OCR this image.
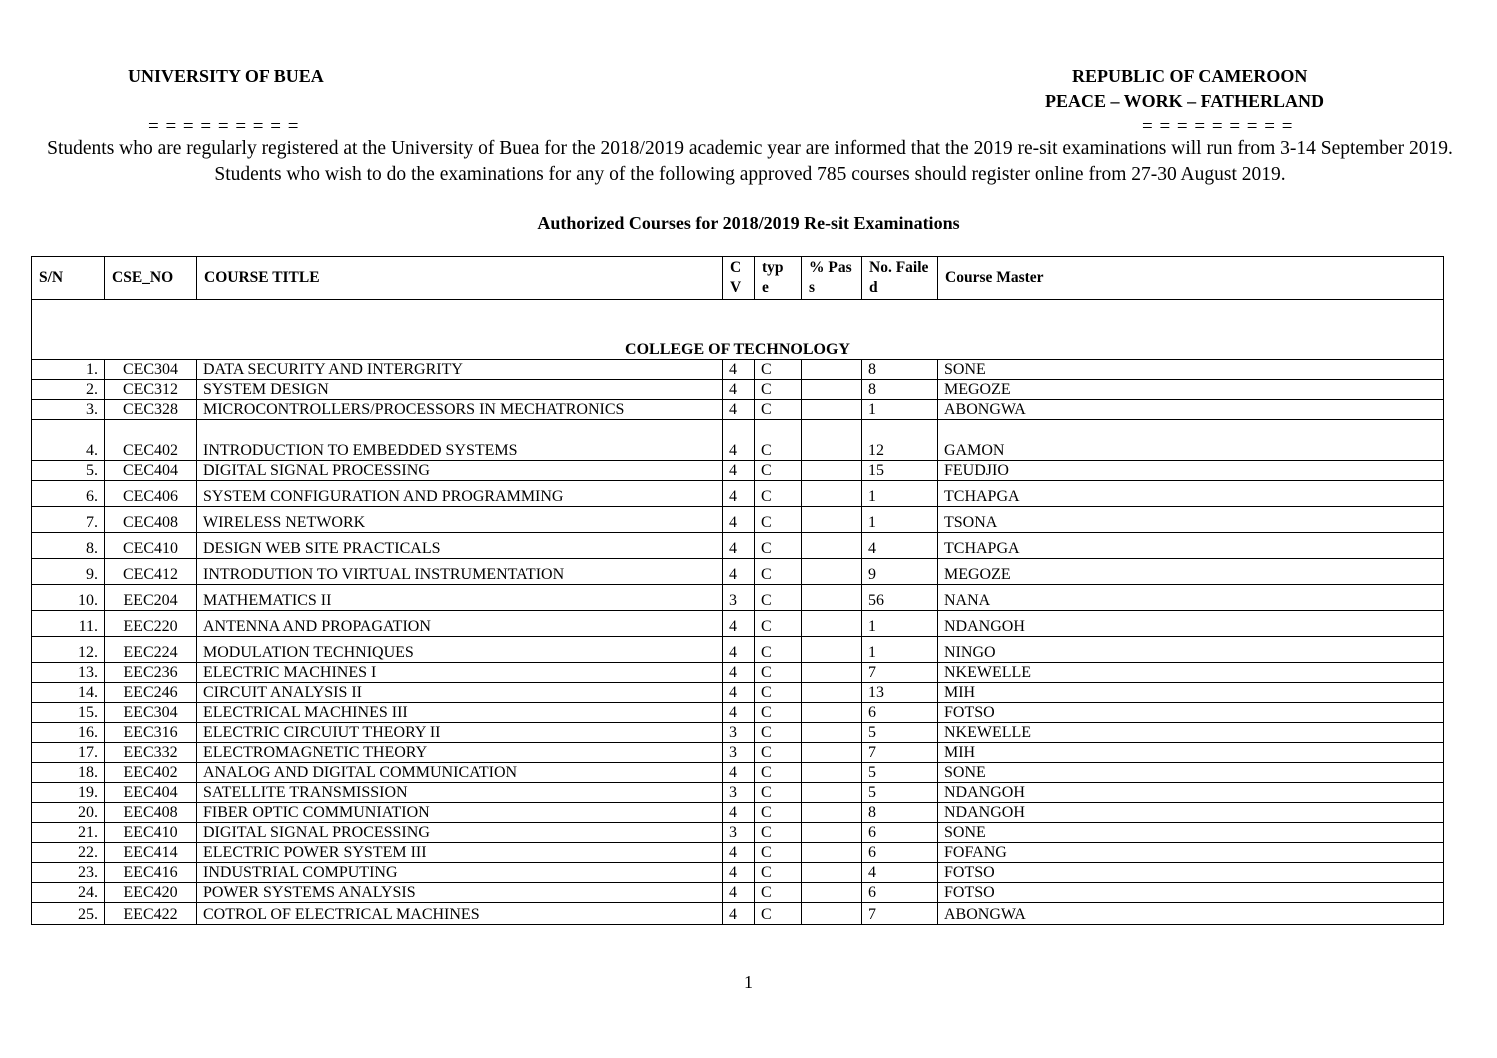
UNIVERSITY OF BUEA
= = = = = = = = =
REPUBLIC OF CAMEROON
PEACE – WORK – FATHERLAND
= = = = = = = = =
Students who are regularly registered at the University of Buea for the 2018/2019 academic year are informed that the 2019 re-sit examinations will run from 3-14 September 2019. Students who wish to do the examinations for any of the following approved 785 courses should register online from 27-30 August 2019.
Authorized Courses for 2018/2019 Re-sit Examinations
S/N	CSE_NO	COURSE TITLE	C V	typ e	% Pass	No. Failed	Course Master
COLLEGE OF TECHNOLOGY							
1.	CEC304	DATA SECURITY AND INTERGRITY	4	C		8	SONE
2.	CEC312	SYSTEM DESIGN	4	C		8	MEGOZE
3.	CEC328	MICROCONTROLLERS/PROCESSORS IN MECHATRONICS	4	C		1	ABONGWA
4.	CEC402	INTRODUCTION TO EMBEDDED SYSTEMS	4	C		12	GAMON
5.	CEC404	DIGITAL SIGNAL PROCESSING	4	C		15	FEUDJIO
6.	CEC406	SYSTEM CONFIGURATION AND PROGRAMMING	4	C		1	TCHAPGA
7.	CEC408	WIRELESS NETWORK	4	C		1	TSONA
8.	CEC410	DESIGN WEB SITE PRACTICALS	4	C		4	TCHAPGA
9.	CEC412	INTRODUTION TO VIRTUAL INSTRUMENTATION	4	C		9	MEGOZE
10.	EEC204	MATHEMATICS II	3	C		56	NANA
11.	EEC220	ANTENNA AND PROPAGATION	4	C		1	NDANGOH
12.	EEC224	MODULATION TECHNIQUES	4	C		1	NINGO
13.	EEC236	ELECTRIC MACHINES I	4	C		7	NKEWELLE
14.	EEC246	CIRCUIT ANALYSIS II	4	C		13	MIH
15.	EEC304	ELECTRICAL MACHINES III	4	C		6	FOTSO
16.	EEC316	ELECTRIC CIRCUIUT THEORY II	3	C		5	NKEWELLE
17.	EEC332	ELECTROMAGNETIC THEORY	3	C		7	MIH
18.	EEC402	ANALOG AND DIGITAL COMMUNICATION	4	C		5	SONE
19.	EEC404	SATELLITE TRANSMISSION	3	C		5	NDANGOH
20.	EEC408	FIBER OPTIC COMMUNIATION	4	C		8	NDANGOH
21.	EEC410	DIGITAL SIGNAL PROCESSING	3	C		6	SONE
22.	EEC414	ELECTRIC POWER SYSTEM III	4	C		6	FOFANG
23.	EEC416	INDUSTRIAL COMPUTING	4	C		4	FOTSO
24.	EEC420	POWER SYSTEMS ANALYSIS	4	C		6	FOTSO
25.	EEC422	COTROL OF ELECTRICAL MACHINES	4	C		7	ABONGWA
1
